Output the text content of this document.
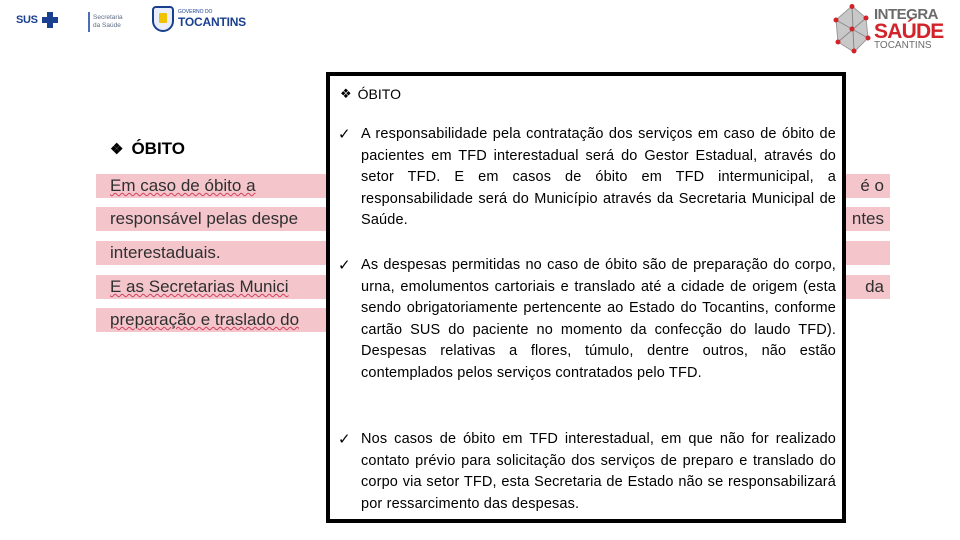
SUS	Secretaria
da Saúde
GOVERNO DO
TOCANTINS	INTEGRA
SAÚDE
TOCANTINS
❖ ÓBITO
Em caso de óbito a	é o
responsável pelas despe	ntes
interestaduais.
E as Secretarias Munici	da
preparação e traslado do
❖ ÓBITO
✓ A responsabilidade pela contratação dos serviços em caso de óbito de pacientes em TFD interestadual será do Gestor Estadual, através do setor TFD. E em casos de óbito em TFD intermunicipal, a responsabilidade será do Município através da Secretaria Municipal de Saúde.
✓ As despesas permitidas no caso de óbito são de preparação do corpo, urna, emolumentos cartoriais e translado até a cidade de origem (esta sendo obrigatoriamente pertencente ao Estado do Tocantins, conforme cartão SUS do paciente no momento da confecção do laudo TFD). Despesas relativas a flores, túmulo, dentre outros, não estão contemplados pelos serviços contratados pelo TFD.
✓ Nos casos de óbito em TFD interestadual, em que não for realizado contato prévio para solicitação dos serviços de preparo e translado do corpo via setor TFD, esta Secretaria de Estado não se responsabilizará por ressarcimento das despesas.
